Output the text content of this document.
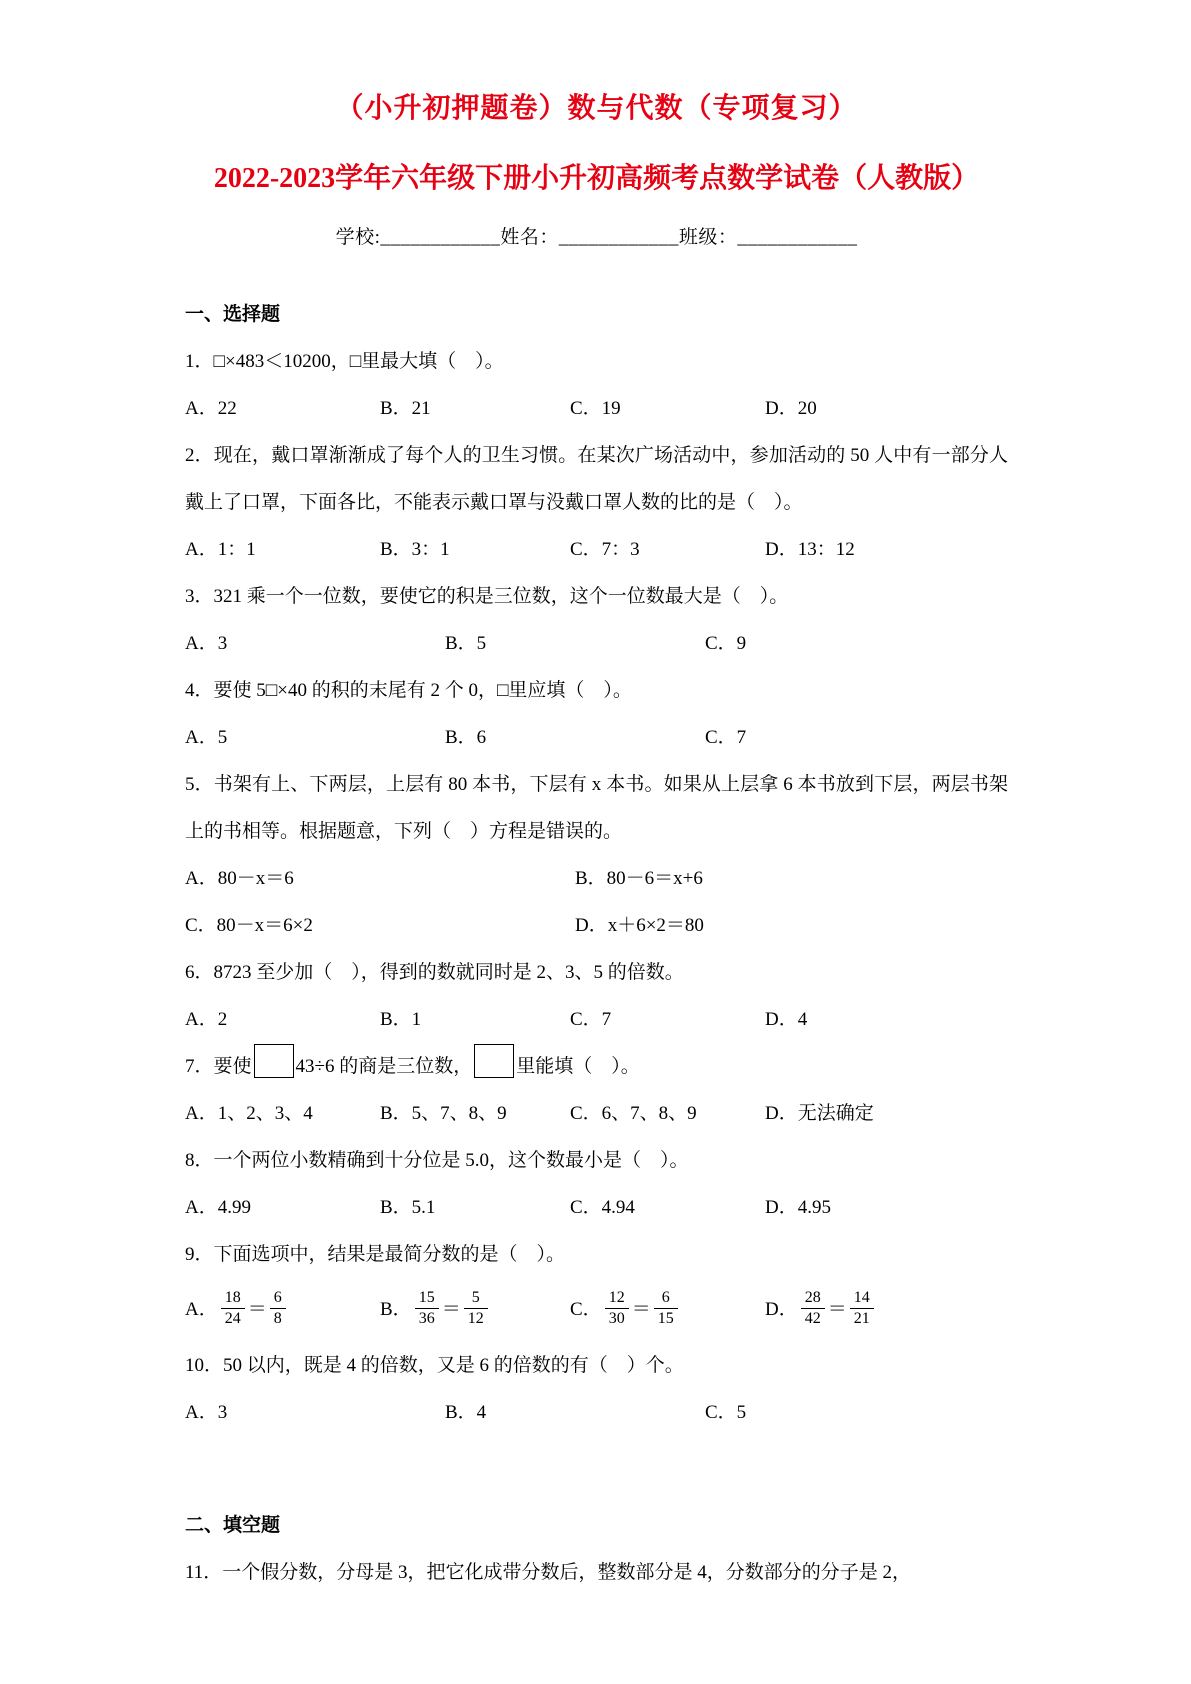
（小升初押题卷）数与代数（专项复习）
2022-2023学年六年级下册小升初高频考点数学试卷（人教版）
学校:____________姓名：____________班级：____________
一、选择题

1．□×483＜10200，□里最大填（　）。

A．22	B．21	C．19	D．20

2．现在，戴口罩渐渐成了每个人的卫生习惯。在某次广场活动中，参加活动的 50 人中有一部分人戴上了口罩，下面各比，不能表示戴口罩与没戴口罩人数的比的是（　）。

A．1：1	B．3：1	C．7：3	D．13：12

3．321 乘一个一位数，要使它的积是三位数，这个一位数最大是（　）。

A．3	B．5	C．9

4．要使 5□×40 的积的末尾有 2 个 0，□里应填（　）。

A．5	B．6	C．7

5．书架有上、下两层，上层有 80 本书，下层有 x 本书。如果从上层拿 6 本书放到下层，两层书架上的书相等。根据题意，下列（　）方程是错误的。

A．80－x＝6	B．80－6＝x+6
C．80－x＝6×2	D．x＋6×2＝80

6．8723 至少加（　），得到的数就同时是 2、3、5 的倍数。

A．2	B．1	C．7	D．4

7．要使 43÷6 的商是三位数， 里能填（　）。

A．1、2、3、4	B．5、7、8、9	C．6、7、8、9	D．无法确定

8．一个两位小数精确到十分位是 5.0，这个数最小是（　）。

A．4.99	B．5.1	C．4.94	D．4.95

9．下面选项中，结果是最简分数的是（　）。

A． $\frac{18}{24} = \frac{6}{8}$	B． $\frac{15}{36} = \frac{5}{12}$	C． $\frac{12}{30} = \frac{6}{15}$	D． $\frac{28}{42} = \frac{14}{21}$

10．50 以内，既是 4 的倍数，又是 6 的倍数的有（　）个。

A．3	B．4	C．5
二、填空题

11．一个假分数，分母是 3，把它化成带分数后，整数部分是 4，分数部分的分子是 2，
